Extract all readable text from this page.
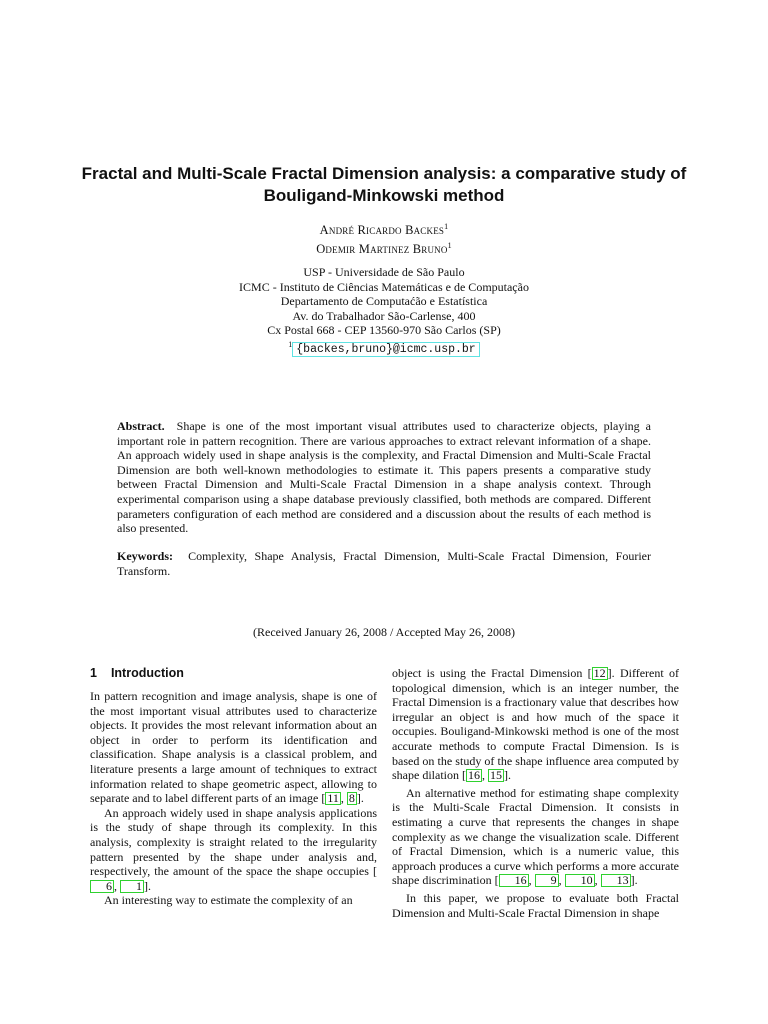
Fractal and Multi-Scale Fractal Dimension analysis: a comparative study of Bouligand-Minkowski method
André Ricardo Backes$^1$
Odemir Martinez Bruno$^1$
USP - Universidade de São Paulo
ICMC - Instituto de Ciências Matemáticas e de Computação
Departamento de Computaćão e Estatística
Av. do Trabalhador São-Carlense, 400
Cx Postal 668 - CEP 13560-970 São Carlos (SP)
$^1$ {backes,bruno}@icmc.usp.br
Abstract. Shape is one of the most important visual attributes used to characterize objects, playing a important role in pattern recognition. There are various approaches to extract relevant information of a shape. An approach widely used in shape analysis is the complexity, and Fractal Dimension and Multi-Scale Fractal Dimension are both well-known methodologies to estimate it. This papers presents a comparative study between Fractal Dimension and Multi-Scale Fractal Dimension in a shape analysis context. Through experimental comparison using a shape database previously classified, both methods are compared. Different parameters configuration of each method are considered and a discussion about the results of each method is also presented.
Keywords: Complexity, Shape Analysis, Fractal Dimension, Multi-Scale Fractal Dimension, Fourier Transform.
(Received January 26, 2008 / Accepted May 26, 2008)
1 Introduction

In pattern recognition and image analysis, shape is one of the most important visual attributes used to characterize objects. It provides the most relevant information about an object in order to perform its identification and classification. Shape analysis is a classical problem, and literature presents a large amount of techniques to extract information related to shape geometric aspect, allowing to separate and to label different parts of an image [ 11 , 8 ].

An approach widely used in shape analysis applications is the study of shape through its complexity. In this analysis, complexity is straight related to the irregularity pattern presented by the shape under analysis and, respectively, the amount of the space the shape occupies [6 , 1 ].

An interesting way to estimate the complexity of an

object is using the Fractal Dimension [ 12 ]. Different of topological dimension, which is an integer number, the Fractal Dimension is a fractionary value that describes how irregular an object is and how much of the space it occupies. Bouligand-Minkowski method is one of the most accurate methods to compute Fractal Dimension. Is is based on the study of the shape influence area computed by shape dilation [ 16 , 15 ].

An alternative method for estimating shape complexity is the Multi-Scale Fractal Dimension. It consists in estimating a curve that represents the changes in shape complexity as we change the visualization scale. Different of Fractal Dimension, which is a numeric value, this approach produces a curve which performs a more accurate shape discrimination [ 16 , 9 , 10 , 13 ].

In this paper, we propose to evaluate both Fractal Dimension and Multi-Scale Fractal Dimension in shape
